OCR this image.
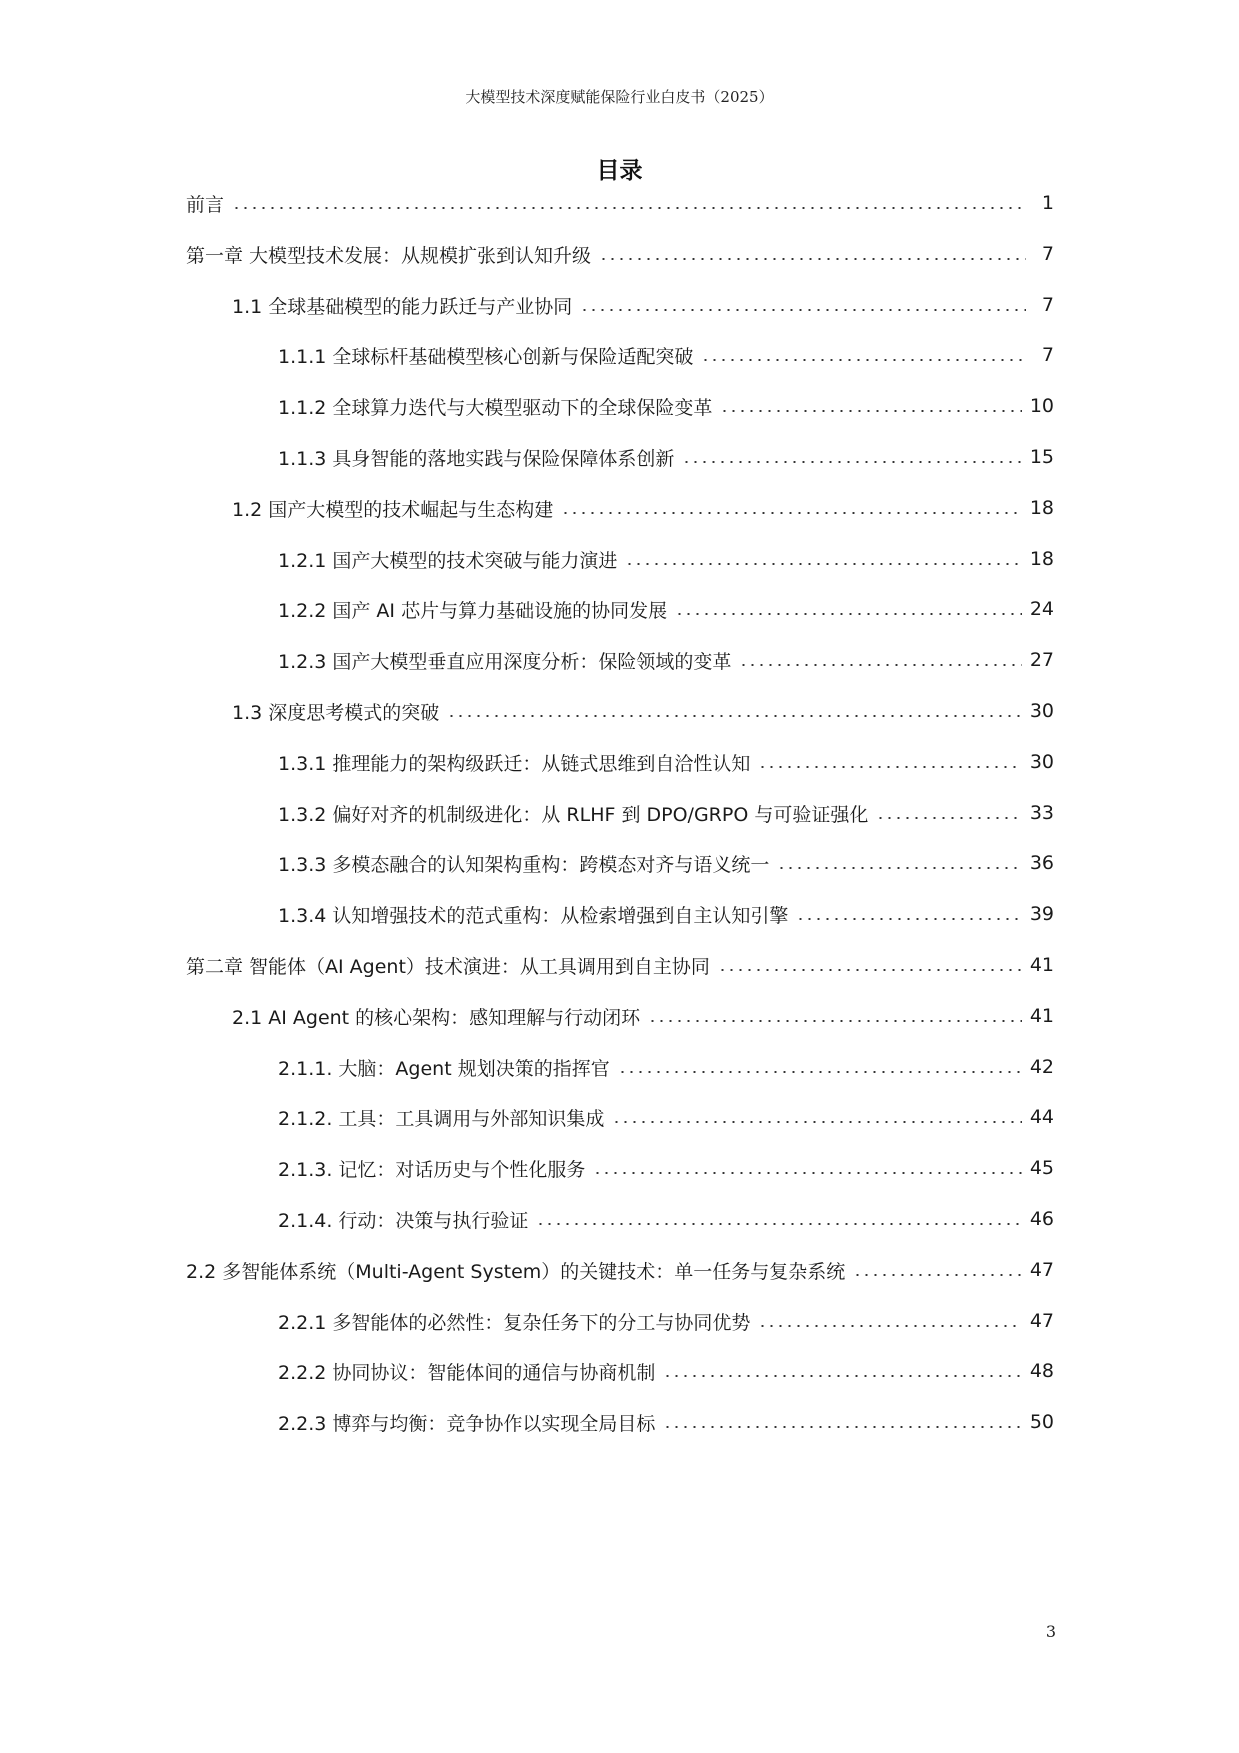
大模型技术深度赋能保险行业白皮书（2025）
目录
前言	1
第一章 大模型技术发展：从规模扩张到认知升级	7
1.1 全球基础模型的能力跃迁与产业协同	7
1.1.1 全球标杆基础模型核心创新与保险适配突破	7
1.1.2 全球算力迭代与大模型驱动下的全球保险变革	10
1.1.3 具身智能的落地实践与保险保障体系创新	15
1.2 国产大模型的技术崛起与生态构建	18
1.2.1 国产大模型的技术突破与能力演进	18
1.2.2 国产 AI 芯片与算力基础设施的协同发展	24
1.2.3 国产大模型垂直应用深度分析：保险领域的变革	27
1.3 深度思考模式的突破	30
1.3.1 推理能力的架构级跃迁：从链式思维到自洽性认知	30
1.3.2 偏好对齐的机制级进化：从 RLHF 到 DPO/GRPO 与可验证强化	33
1.3.3 多模态融合的认知架构重构：跨模态对齐与语义统一	36
1.3.4 认知增强技术的范式重构：从检索增强到自主认知引擎	39
第二章 智能体（AI Agent）技术演进：从工具调用到自主协同	41
2.1 AI Agent 的核心架构：感知理解与行动闭环	41
2.1.1. 大脑：Agent 规划决策的指挥官	42
2.1.2. 工具：工具调用与外部知识集成	44
2.1.3. 记忆：对话历史与个性化服务	45
2.1.4. 行动：决策与执行验证	46
2.2 多智能体系统（Multi-Agent System）的关键技术：单一任务与复杂系统	47
2.2.1 多智能体的必然性：复杂任务下的分工与协同优势	47
2.2.2 协同协议：智能体间的通信与协商机制	48
2.2.3 博弈与均衡：竞争协作以实现全局目标	50
3
